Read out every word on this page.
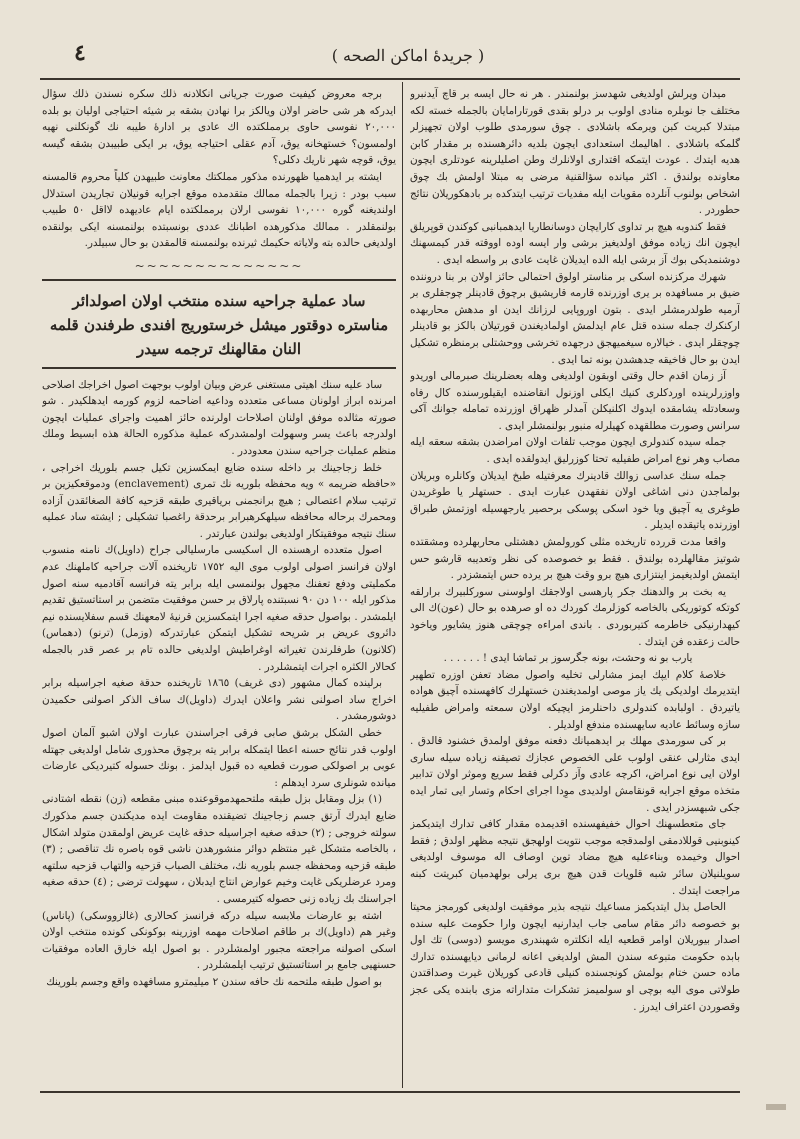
٤	( جريدهٔ اماكن الصحه )

ميدان ويرلش اولديغى شهدسز بولنمندر . هر نه حال ايسه بر قاچ آيدنبرو مختلف جا نوبلره منادى اولوب بر درلو بقدى قورتارامايان بالجمله خسته لكه مبتدلا كبريت كبن ويرمكه باشلادى . چوق سورمدى طلوب اولان تجهيزلر گلمكه باشلادى . اهاليمك استعدادى ايچون بلديه دائرهسنده بر مقدار كابن هديه ايتدك . عودت ايتمكه اقتدارى اولانلرك وطن اصليلرينه عودتلرى ايچون معاونده بولندق . اكثر ميانده سؤالقنية مرضى به مبتلا اولمش بك چوق اشخاص بولنوب آنلرده مقويات ايله مفديات ترتيب ايتدكده بر بادهكوريلان نتائج حطوردر .

فقط كندوبه هيچ بر تداوى كارايچان دوسانطاريا ايدهمبانبى كوكندن قوپريلق ايچون انك زياده موفق اولديغيز برشى وار ايسه اوده اووقته قدر كيمسهنك دوشنمديكى بوك آز برشى ايله الده ايديلان غايت عادى بر واسطه ايدى .

شهرك مركزنده اسكى بر مناستر اولوق احتمالى حائز اولان بر بنا دروننده ضيق بر مسافهده بر يرى اوزرنده قارمه قاريشيق برچوق قادينلر چوجقلرى بر آرميه طولدرمشلر ايدى . بتون اوروپايى لرزانك ايدن او مدهش محاربهده اركنكرك جمله سنده قتل عام ايدلمش اولماديغندن قورتيلان بالكز بو قادينلر چوچقلر ايدى . خيالاره سيغميهجق درجهده تخرشى ووحشتلى برمنظره تشكيل ايدن بو حال فاخيقه ڃدهشدن بونه تما ايدى .

آز زمان اقدم حال وقتى اوبقون اولديغى وهله بعضلرينك صبرمالى اوريدو واوزرلرينده اوردكلرى كنيك ايكلى اوزنول انقاضنده ايقيلورسنده كال رفاه وسعادتله يشامقده ايدوك اكلنيكلن آمدلر ظهراق اوزرنده تمامله جوانك آكى سرانس وصورت مطلقهده كهيلرله منبور بولنمشلر ايدى .

جمله سيده كندولرى ايچون موجب تلفات اولان امراضدن بشقه سعقه ايله مصاب وهر نوع امراض طفيليه تحتا كوزرليق ايدولقده ايدى .

جمله سنك عداسى زوالك قادينرك معرفتيله طبخ ايديلان وكانلره وبريلان بولماجدن دنى اشاغى اولان نفقهدن عبارت ايدى . حستهلر يا طوغريدن طوغرى يه آچيق ويا خود اسكى پوسكى برحصير يارجهسيله اوزتمش طبراق اوزرنده ياتيقده ايديلر .

واقعا مدت قررده تاريخده مثلى كورولمش دهشتلى محاربهلرده ومشقتده شوتيز مقالهلرده بولندق . فقط بو خصوصده كى نظر وتعديبه قارشو حس ايتمش اولديغيمز اينتزارى هيچ برو وقت هيچ بر يرده حس ايتمشزدر .

يه بخت بر والدهنك جكر پارهسى اولاجقك اولوسنى سوركلبيرك برارلقه كوتكه كوتوريكى بالخاصه كوزلرمك كوردك ده او صرهده بو حال (عون)ك الى كيهدارنيكى خاطرمه كتيربوردى . باندى امراءه چوچقى هنوز يشايور وياخود حالت زعقده فن ايتدك .

يارب بو نه وحشت، بونه جگرسوز بر تماشا ايدى ! . . . . . .

خلاصهٔ كلام ايپك ايمز مشارلى تخليه واصول مضاد تعفن اوزره تطهير ايتديرمك اولديكى يك ياز موصى اولمديغندن خستهلرك كافهسنده آچيق هواده ياتيردق . اولبابده كندولرى داحنلرمز ايچيكه اولان سمعته وامراض طفيليه سازه وسائط عاديه سايهسنده مندفع اولديلر .

بر كى سورمدى مهلك بر ايدهميانك دفعنه موفق اولمدق خشنود قالدق . ايدى مثارلى عنقى اولوب على الخصوص عجازك تصيقنه زياده سيله سارى اولان ايى نوع امراض، اكرچه عادى وآز دكرلى فقط سريع وموثر اولان تدابير متخذه موقع اجرايه قونقامش اولديدى موِدا اجراى احكام وتسار ايى تمار ايده جكى شبهسزدر ايدى .

جاى متعطسهنك احوال خفيفهسنده اقديمده مقدار كافى تدارك ايتديكمز كينوبنيى قوللادمقى اولمدقجه موجب نتويت اولهجق نتيجه مظهر اولدق ; فقط احوال وخيمده وبناءعليه هيچ مضاد توين اوصاف اله موسوف اولديغى سويلنيلان سائر شبه قلويات قدن هيچ برى يرلى بولهدميان كبريتت كبنه مراجعت ايتدك .

الحاصل بذل ايتديكمز مساعيك نتيجه بذير موفقيت اولديغى كورمجز محيتا بو خصوصه دائر مقام سامى جاب ايدارنيه ايچون وارا حكومت عليه سنده اصدار بيوريلان اوامر قطعيه ايله انكلتره شهبندرى مويسو (دوسى) تك اول بابده حكومت متبوعه سندن المش اولديغى اعانه لرمانى ديايهسنده تدارك ماده حسن ختام بولمش كونجسنده كنيلى قادعى كوريلان غيرت وصداقتدن طولاتى موى اليه بوچى او سولميمز تشكرات متداراته مزى بابنده يكى عجز وقصوردن اعتراف ايدرز .

برجه معروض كيفيت صورت جريانى انكلادنه ذلك سكره نسندن ذلك سؤال ايدركه هر شى حاضر اولان ويالكز برا نهادن بشقه بر شيئه احتياجى اوليان بو بلده ٢٠,٠٠٠ نفوسى حاوى برمملكتده اك عادى بر ادارهٔ طيبه نك گونكلنى نهيه اولمسون؟ خستهخانه يوق، آدم عقلى احتياجه يوق، بر ايكى طبيبدن بشقه گيسه يوق، قوچه شهر ناريك دكلى؟

ايشته بر ايدهميا ظهورنده مذكور مملكتك معاونت طبيهدن كلياً محروم قالمسنه سبب بودر : زيرا بالجمله ممالك متقدمده موقع اجرايه قونيلان تجاريدن استدلال اولنديغنه گوره ١٠,٠٠٠ نفوسى ارلان برمملكتده ايام عاديهده لااقل ٥٠ طبيب بولنمقلدر . ممالك مذكورهده اطبانك عددى بونسبتده بولنمسنه ايكى بولنقده اولديغى حالده بته ولاياته حكيمك ثيرنده بولنمسنه قالمقدن بو حال سبيلدر.

~~~~~~~~~~~~~~
ساد عملية جراحيه سنده منتخب اولان اصولدائر مناستره دوقتور ميشل خرستوريج افندى طرفندن قلمه النان مقالهنك ترجمه سيدر

ساد عليه سنك اهيتى مستغنى عرض وبيان اولوب بوجهت اصول اخراجك اصلاحى امرنده ابراز اولونان مساعى متعدده وداعيه اضاحمه لزوم كورمه ايدهلكيدر . شو صورته مثالده موفق اولنان اصلاحات اولرنده حائز اهميت واجراى عمليات ايچون اولدرجه باعث يسر وسهولت اولمشدركه عملية مذكوره الحالة هذه ابسيط وملك منظم عمليات جراحيه سندن معدوددر .

خلط زجاجينك بر داخله سنده ضايع ايمكسزين تكيل جسم بلوريك اخراجى ، «حافظه ضريمه » ويه محفظه بلوريه نك تمرى (enclavement) ودموقعكيزين بر ترتيب سلام اعتصالى ; هيچ برانجمنى برياقيرى طبقه قزحيه كافة الصغائقدن آزاده ومحمرك برحاله محافظه سيلهكرهبرابر برحدقة راغصبا تشكيلى ; ايشته ساد عمليه سنك نتيجه موفقيتكار اولديغى بولندن عبارتدر .

اصول متعدده ارهسنده ال اسكيسى مارسليالى جراح (داويل)ك نامنه منسوب اولان فرانسز اصولى اولوب موى اليه ١٧٥٢ تاريخنده آلات جراحيه كاملهنك عدم مكمليتى ودفع تعفنك مجهول بولنمسى ايله برابر يته فرانسه آقادميه سنه اصول مذكور ايله ١٠٠ دن ٩٠ نسبتنده پارلاق بر حسن موفقيت متضمن بر استاتستيق تقديم ايلمشدر . بواصول حدقه صغيه اجرا ايتمكسزين قرنيهٔ لامعهنك قسم سفلايسنده نيم دائروى عريض بر شريحه تشكيل ايتمكن عبارتدركه (وزمل) (ترنو) (دهماس) (كلانون) طرفلرندن تغيراته اوغراطيش اولديغى حالده تام بر عصر قدر بالجمله كحالار الكثره اجرات ايتمشلردر .

برلينده كمال مشهور (دى غريف) ١٨٦٥ تاريخنده حدقة صغيه اجراسيله برابر اخراج ساد اصولنى نشر واعلان ايدرك (داويل)ك ساف الذكر اصولنى حكميدن دوشورمشدر .

خطى الشكل برشق صابى فرقى اجراسندن عبارت اولان اشبو آلمان اصول اولوب قدر نتائج حسنه اعطا ايتمكله برابر يته برچوق محذورى شامل اولديغى جهتله عوبى بر اصولكى صورت قطعيه ده قبول ايدلمز . بونك حسوله كتيرديكى عارضات ميانده شونلرى سرد ايدهلم :

(١) بزل ومقابل بزل طبقه ملتحمهدموقوعنده مبنى مقطعه (زن) نقطه اشتادنى ضايع ايدرك آرتق جسم زجاجينك تضيقنده مقاومت ايده مديكندن جسم مذكورك سولته خروجى ; (٢) حدقه صغيه اجراسيله حدقه غايت عريض اولمقدن متولد اشكال ، بالخاصه متشكل غير منتظم دوائر منشورهدن ناشى قوه باصره نك تناقصى ; (٣) طبقه قزحيه ومحفظه جسم بلوريه نك، مختلف الصباب قزحيه والتهاب قزحيه سلتهه ومرد عرضلريكى غايت وخيم عوارض انتاج ايدبلان ، سهولت ترضى ; (٤) حدقه صغيه اجراسنك بك زياده زنى حصوله كتيرمسى .

اشته بو عارضات ملابسه سيله دركه فرانسز كحالارى (غالزووسكى) (پاناس) وغير هم (داويل)ك بر طاقم اصلاحات مهمه اوزرينه بوكونكى كونده منتخب اولان اسكى اصولنه مراجعته مجبور اولمشلردر . بو اصول ايله خارق العاده موفقيات حسنهيى جامع بر استاتستيق ترتيب ايلمشلردر .

بو اصول طبقه ملتحمه نك حافه سندن ٢ ميليمترو مسافهده واقع وجسم بلورينك
